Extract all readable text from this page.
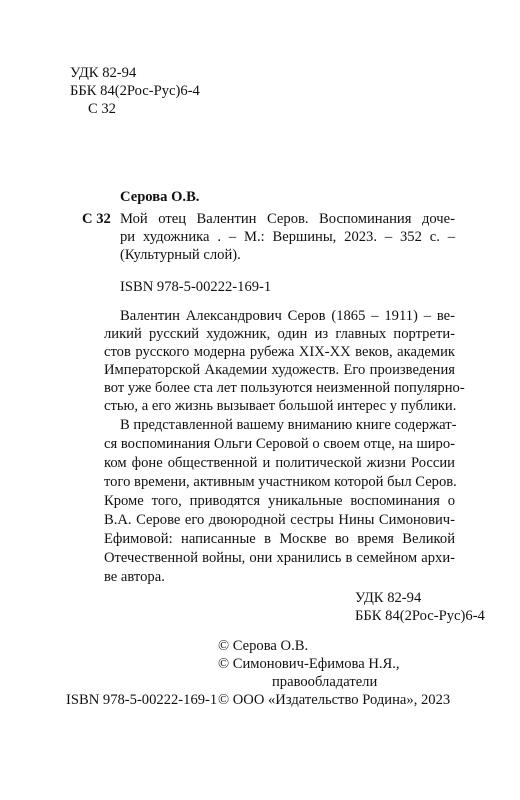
УДК 82-94
ББК 84(2Рос-Рус)6-4
С 32
Серова О.В.
С 32 Мой отец Валентин Серов. Воспоминания доче-
ри художника . – М.: Вершины, 2023. – 352 с. –
(Культурный слой).
ISBN 978-5-00222-169-1
Валентин Александрович Серов (1865 – 1911) – ве-
ликий русский художник, один из главных портрети-
стов русского модерна рубежа XIX-XX веков, академик
Императорской Академии художеств. Его произведения
вот уже более ста лет пользуются неизменной популярно-
стью, а его жизнь вызывает большой интерес у публики.
В представленной вашему вниманию книге содержат-
ся воспоминания Ольги Серовой о своем отце, на широ-
ком фоне общественной и политической жизни России
того времени, активным участником которой был Серов.
Кроме того, приводятся уникальные воспоминания о
В.А. Серове его двоюродной сестры Нины Симонович-
Ефимовой: написанные в Москве во время Великой
Отечественной войны, они хранились в семейном архи-
ве автора.
УДК 82-94
ББК 84(2Рос-Рус)6-4
© Серова О.В.
© Симонович-Ефимова Н.Я.,
правообладатели
ISBN 978-5-00222-169-1 © ООО «Издательство Родина», 2023
